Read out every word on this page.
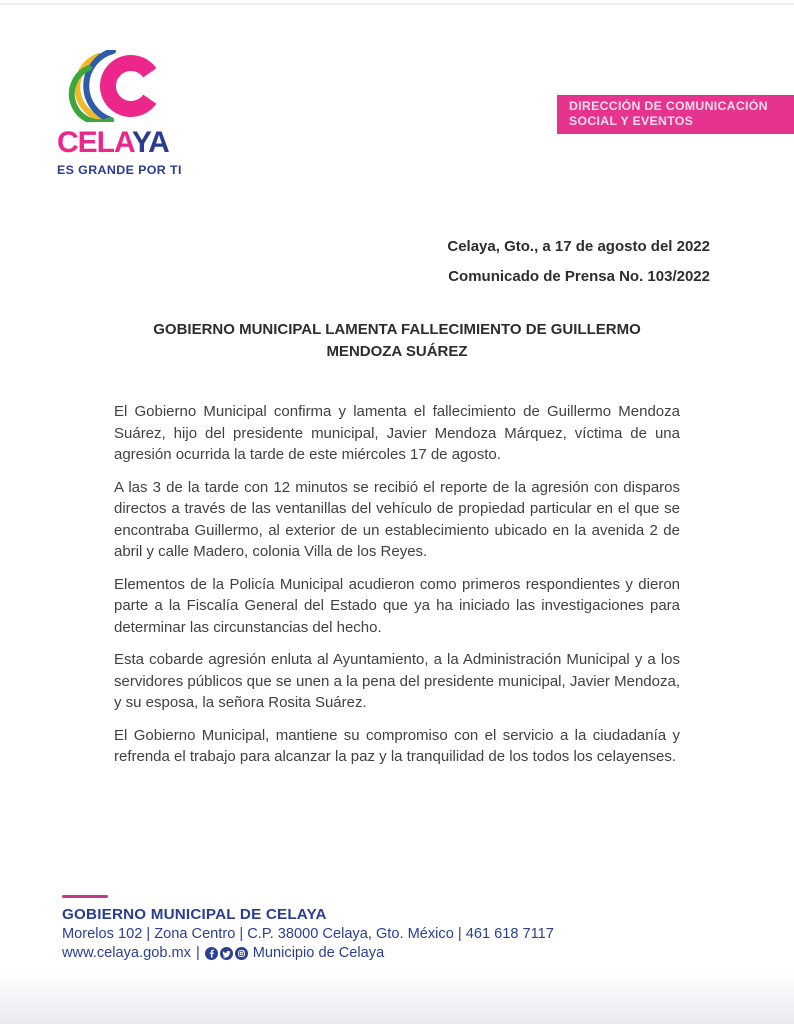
CELAYA
ES GRANDE POR TI
DIRECCIÓN DE COMUNICACIÓN
SOCIAL Y EVENTOS
Celaya, Gto., a 17 de agosto del 2022
Comunicado de Prensa No. 103/2022
GOBIERNO MUNICIPAL LAMENTA FALLECIMIENTO DE GUILLERMO MENDOZA SUÁREZ

El Gobierno Municipal confirma y lamenta el fallecimiento de Guillermo Mendoza Suárez, hijo del presidente municipal, Javier Mendoza Márquez, víctima de una agresión ocurrida la tarde de este miércoles 17 de agosto.

A las 3 de la tarde con 12 minutos se recibió el reporte de la agresión con disparos directos a través de las ventanillas del vehículo de propiedad particular en el que se encontraba Guillermo, al exterior de un establecimiento ubicado en la avenida 2 de abril y calle Madero, colonia Villa de los Reyes.

Elementos de la Policía Municipal acudieron como primeros respondientes y dieron parte a la Fiscalía General del Estado que ya ha iniciado las investigaciones para determinar las circunstancias del hecho.

Esta cobarde agresión enluta al Ayuntamiento, a la Administración Municipal y a los servidores públicos que se unen a la pena del presidente municipal, Javier Mendoza, y su esposa, la señora Rosita Suárez.

El Gobierno Municipal, mantiene su compromiso con el servicio a la ciudadanía y refrenda el trabajo para alcanzar la paz y la tranquilidad de los todos los celayenses.

GOBIERNO MUNICIPAL DE CELAYA
Morelos 102 | Zona Centro | C.P. 38000 Celaya, Gto. México | 461 618 7117
www.celaya.gob.mx |	Municipio de Celaya
